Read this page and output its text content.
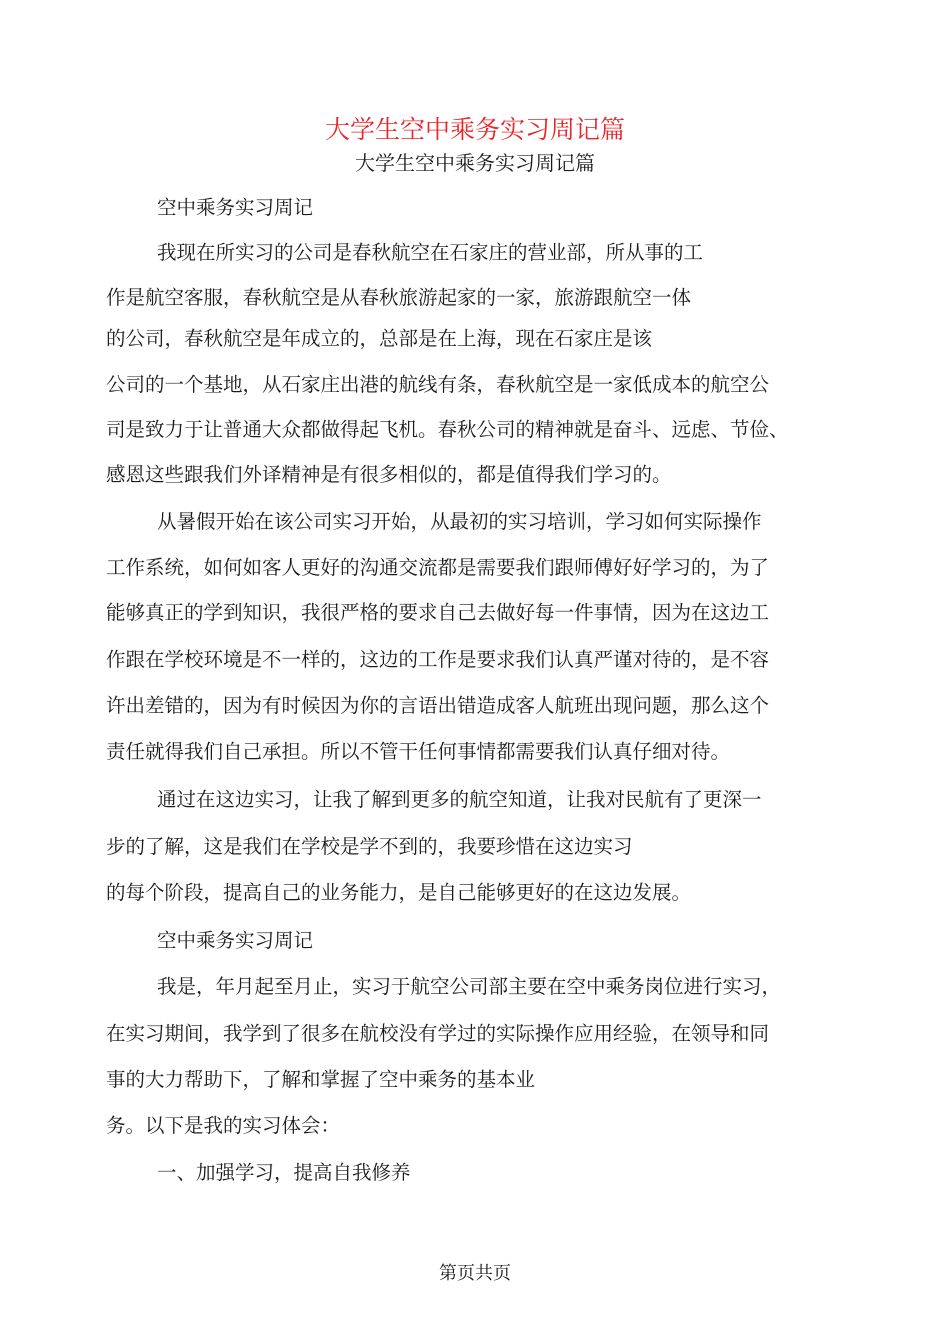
大学生空中乘务实习周记篇
大学生空中乘务实习周记篇
空中乘务实习周记
我现在所实习的公司是春秋航空在石家庄的营业部，所从事的工
作是航空客服，春秋航空是从春秋旅游起家的一家，旅游跟航空一体
的公司，春秋航空是年成立的，总部是在上海，现在石家庄是该
公司的一个基地，从石家庄出港的航线有条，春秋航空是一家低成本的航空公
司是致力于让普通大众都做得起飞机。春秋公司的精神就是奋斗、远虑、节俭、
感恩这些跟我们外译精神是有很多相似的，都是值得我们学习的。
从暑假开始在该公司实习开始，从最初的实习培训，学习如何实际操作
工作系统，如何如客人更好的沟通交流都是需要我们跟师傅好好学习的，为了
能够真正的学到知识，我很严格的要求自己去做好每一件事情，因为在这边工
作跟在学校环境是不一样的，这边的工作是要求我们认真严谨对待的，是不容
许出差错的，因为有时候因为你的言语出错造成客人航班出现问题，那么这个
责任就得我们自己承担。所以不管干任何事情都需要我们认真仔细对待。
通过在这边实习，让我了解到更多的航空知道，让我对民航有了更深一
步的了解，这是我们在学校是学不到的，我要珍惜在这边实习
的每个阶段，提高自己的业务能力，是自己能够更好的在这边发展。
空中乘务实习周记
我是，年月起至月止，实习于航空公司部主要在空中乘务岗位进行实习，
在实习期间，我学到了很多在航校没有学过的实际操作应用经验，在领导和同
事的大力帮助下，了解和掌握了空中乘务的基本业
务。以下是我的实习体会：
一、加强学习，提高自我修养
第页共页
